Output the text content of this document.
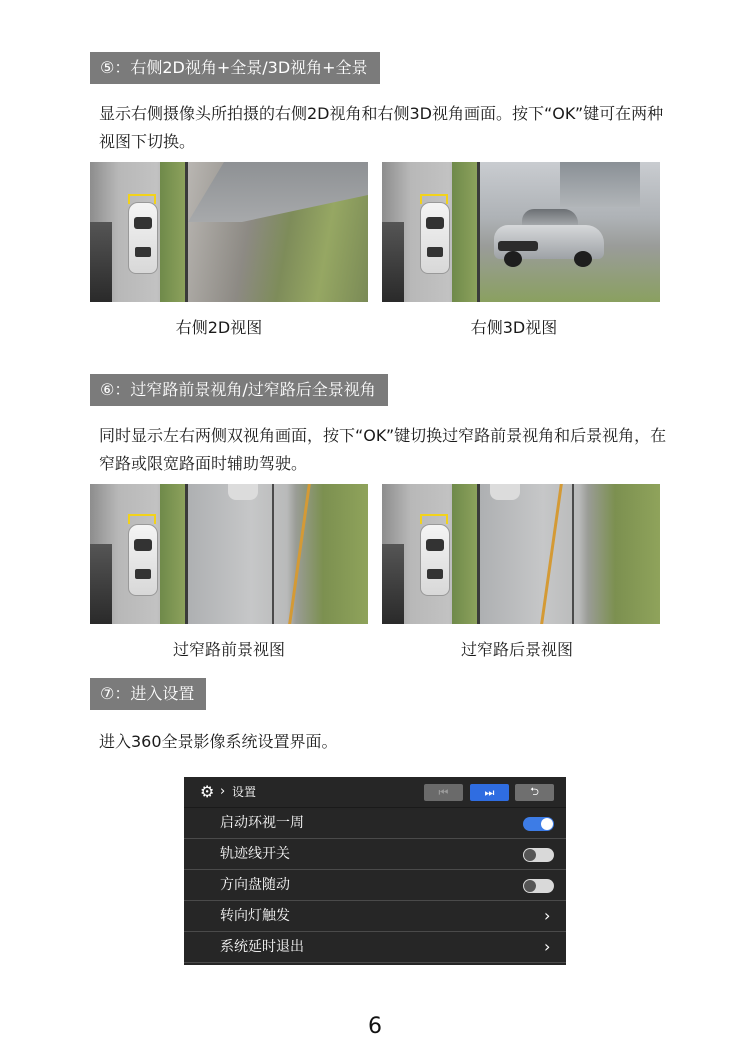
⑤：右侧2D视角+全景/3D视角+全景
显示右侧摄像头所拍摄的右侧2D视角和右侧3D视角画面。按下“OK”键可在两种视图下切换。
右侧2D视图	右侧3D视图
⑥：过窄路前景视角/过窄路后全景视角
同时显示左右两侧双视角画面，按下“OK”键切换过窄路前景视角和后景视角，在窄路或限宽路面时辅助驾驶。
过窄路前景视图	过窄路后景视图
⑦：进入设置
进入360全景影像系统设置界面。
⚙ › 设置	⏮	⏭	⮌
启动环视一周
轨迹线开关
方向盘随动
转向灯触发	›
系统延时退出	›
6
